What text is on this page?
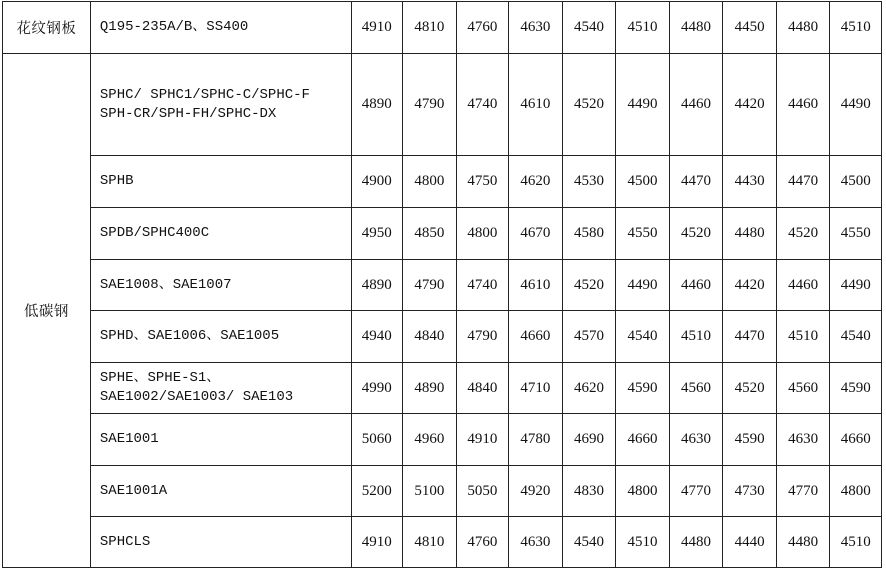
花纹钢板	Q195-235A/B、SS400	4910	4810	4760	4630	4540	4510	4480	4450	4480	4510
低碳钢	SPHC/ SPHC1/SPHC-C/SPHC-F
SPH-CR/SPH-FH/SPHC-DX	4890	4790	4740	4610	4520	4490	4460	4420	4460	4490

	SPHB	4900	4800	4750	4620	4530	4500	4470	4430	4470	4500

	SPDB/SPHC400C	4950	4850	4800	4670	4580	4550	4520	4480	4520	4550

	SAE1008、SAE1007	4890	4790	4740	4610	4520	4490	4460	4420	4460	4490

	SPHD、SAE1006、SAE1005	4940	4840	4790	4660	4570	4540	4510	4470	4510	4540

	SPHE、SPHE-S1、
SAE1002/SAE1003/ SAE103	4990	4890	4840	4710	4620	4590	4560	4520	4560	4590

	SAE1001	5060	4960	4910	4780	4690	4660	4630	4590	4630	4660

	SAE1001A	5200	5100	5050	4920	4830	4800	4770	4730	4770	4800

	SPHCLS	4910	4810	4760	4630	4540	4510	4480	4440	4480	4510
